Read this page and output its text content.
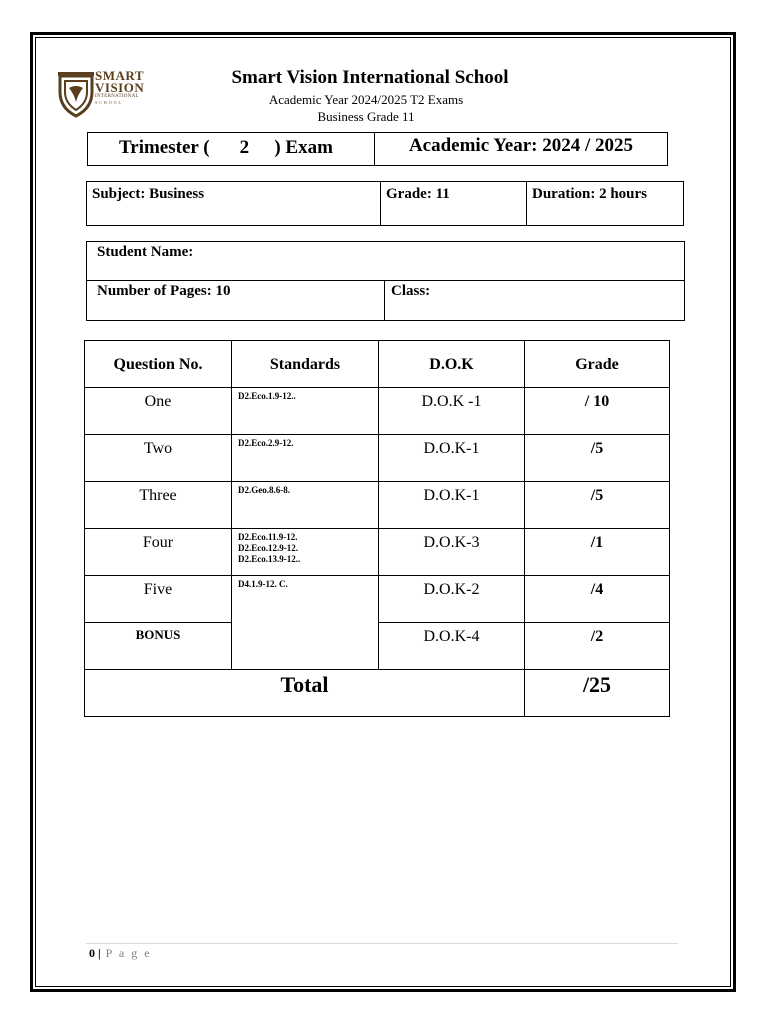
SMART
VISION
INTERNATIONAL
SCHOOL
Smart Vision International School
Academic Year 2024/2025 T2 Exams
Business Grade 11
Trimester ( 2 ) Exam	Academic Year: 2024 / 2025
Subject: Business	Grade: 11	Duration: 2 hours
Student Name:
Number of Pages: 10	Class:
Question No.	Standards	D.O.K	Grade
One	D2.Eco.1.9-12..	D.O.K -1	/ 10
Two	D2.Eco.2.9-12.	D.O.K-1	/5
Three	D2.Geo.8.6-8.	D.O.K-1	/5
Four	D2.Eco.11.9-12.
D2.Eco.12.9-12.
D2.Eco.13.9-12..	D.O.K-3	/1
Five	D4.1.9-12. C.	D.O.K-2	/4
BONUS		D.O.K-4	/2
Total			/25
0 | P a g e
